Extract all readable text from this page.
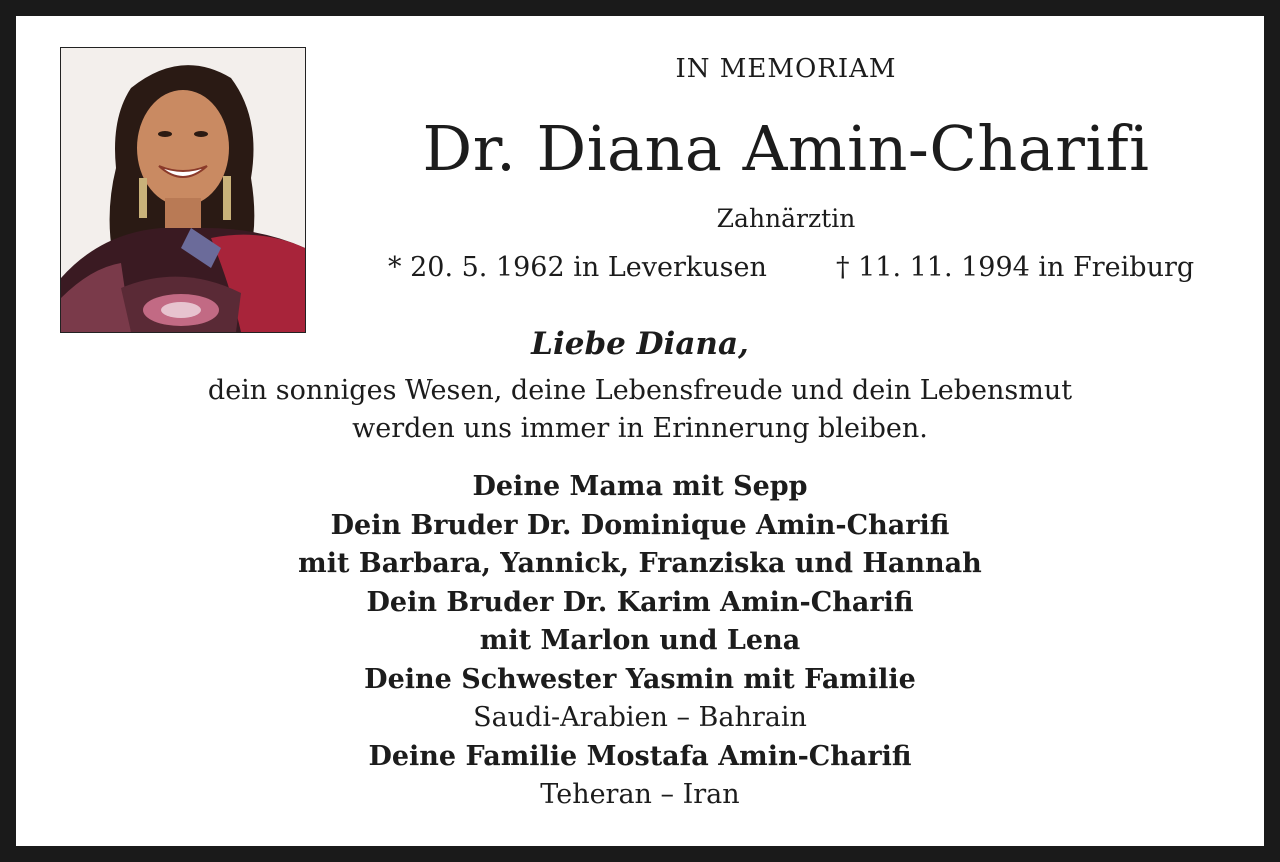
IN MEMORIAM
Dr. Diana Amin-Charifi
Zahnärztin
* 20. 5. 1962 in Leverkusen	† 11. 11. 1994 in Freiburg
Liebe Diana,
dein sonniges Wesen, deine Lebensfreude und dein Lebensmut
werden uns immer in Erinnerung bleiben.
Deine Mama mit Sepp
Dein Bruder Dr. Dominique Amin-Charifi
mit Barbara, Yannick, Franziska und Hannah
Dein Bruder Dr. Karim Amin-Charifi
mit Marlon und Lena
Deine Schwester Yasmin mit Familie
Saudi-Arabien – Bahrain
Deine Familie Mostafa Amin-Charifi
Teheran – Iran
